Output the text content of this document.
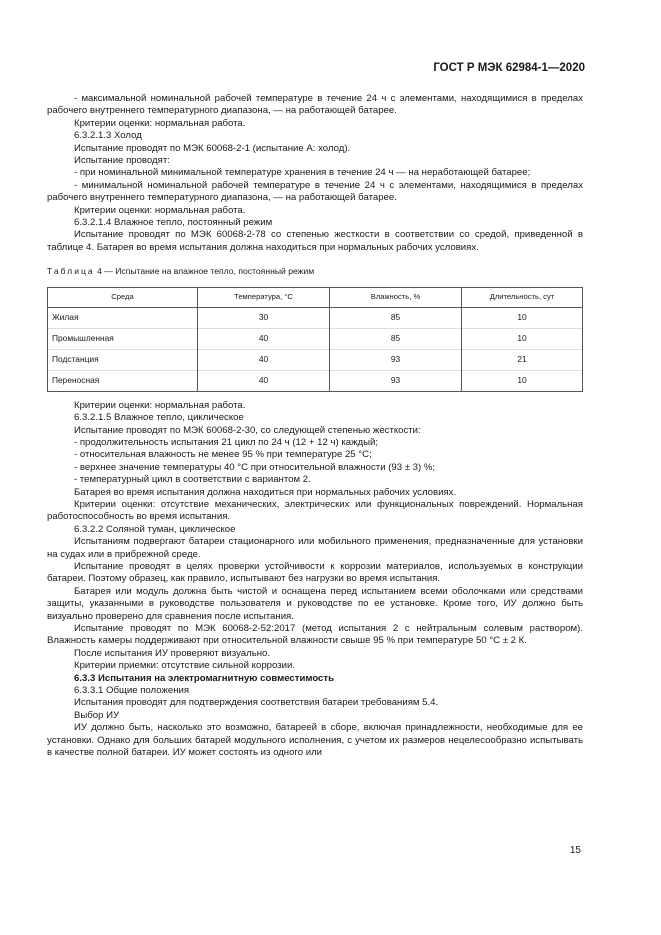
ГОСТ Р МЭК 62984-1—2020
- максимальной номинальной рабочей температуре в течение 24 ч с элементами, находящимися в пределах рабочего внутреннего температурного диапазона, — на работающей батарее.
Критерии оценки: нормальная работа.
6.3.2.1.3 Холод
Испытание проводят по МЭК 60068-2-1 (испытание А: холод).
Испытание проводят:
- при номинальной минимальной температуре хранения в течение 24 ч — на неработающей батарее;
- минимальной номинальной рабочей температуре в течение 24 ч с элементами, находящимися в пределах рабочего внутреннего температурного диапазона, — на работающей батарее.
Критерии оценки: нормальная работа.
6.3.2.1.4 Влажное тепло, постоянный режим
Испытание проводят по МЭК 60068-2-78 со степенью жесткости в соответствии со средой, приведенной в таблице 4. Батарея во время испытания должна находиться при нормальных рабочих условиях.
Таблица 4 — Испытание на влажное тепло, постоянный режим
Среда	Температура, °С	Влажность, %	Длительность, сут
Жилая	30	85	10
Промышленная	40	85	10
Подстанция	40	93	21
Переносная	40	93	10
Критерии оценки: нормальная работа.
6.3.2.1.5 Влажное тепло, циклическое
Испытание проводят по МЭК 60068-2-30, со следующей степенью жесткости:
- продолжительность испытания 21 цикл по 24 ч (12 + 12 ч) каждый;
- относительная влажность не менее 95 % при температуре 25 °С;
- верхнее значение температуры 40 °С при относительной влажности (93 ± 3) %;
- температурный цикл в соответствии с вариантом 2.
Батарея во время испытания должна находиться при нормальных рабочих условиях.
Критерии оценки: отсутствие механических, электрических или функциональных повреждений. Нормальная работоспособность во время испытания.
6.3.2.2 Соляной туман, циклическое
Испытаниям подвергают батареи стационарного или мобильного применения, предназначенные для установки на судах или в прибрежной среде.
Испытание проводят в целях проверки устойчивости к коррозии материалов, используемых в конструкции батареи. Поэтому образец, как правило, испытывают без нагрузки во время испытания.
Батарея или модуль должна быть чистой и оснащена перед испытанием всеми оболочками или средствами защиты, указанными в руководстве пользователя и руководстве по ее установке. Кроме того, ИУ должно быть визуально проверено для сравнения после испытания.
Испытание проводят по МЭК 60068-2-52:2017 (метод испытания 2 с нейтральным солевым раствором). Влажность камеры поддерживают при относительной влажности свыше 95 % при температуре 50 °С ± 2 К.
После испытания ИУ проверяют визуально.
Критерии приемки: отсутствие сильной коррозии.
6.3.3 Испытания на электромагнитную совместимость
6.3.3.1 Общие положения
Испытания проводят для подтверждения соответствия батареи требованиям 5.4.
Выбор ИУ
ИУ должно быть, насколько это возможно, батареей в сборе, включая принадлежности, необходимые для ее установки. Однако для больших батарей модульного исполнения, с учетом их размеров нецелесообразно испытывать в качестве полной батареи. ИУ может состоять из одного или
15
